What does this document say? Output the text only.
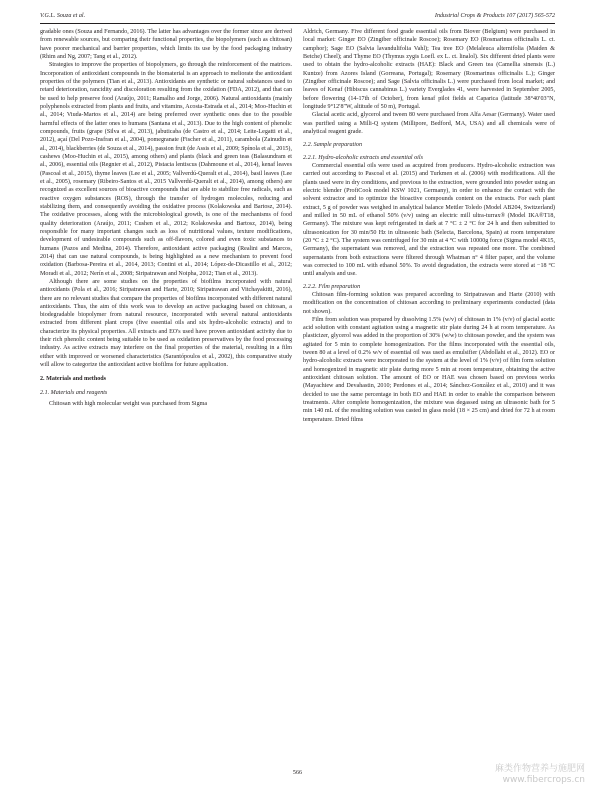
V.G.L. Souza et al.	Industrial Crops & Products 107 (2017) 565-572

gradable ones (Souza and Fernando, 2016). The latter has advantages over the former since are derived from renewable sources, but comparing their functional properties, the biopolymers (such as chitosan) have poorer mechanical and barrier properties, which limits its use by the food packaging industry (Rhim and Ng, 2007; Tang et al., 2012).

Strategies to improve the properties of biopolymers, go through the reinforcement of the matrices. Incorporation of antioxidant compounds in the biomaterial is an approach to meliorate the antioxidant properties of the polymers (Tian et al., 2013). Antioxidants are synthetic or natural substances used to retard deterioration, rancidity and discoloration resulting from the oxidation (FDA, 2012), and that can be used to help preserve food (Araújo, 2011; Ramalho and Jorge, 2006). Natural antioxidants (mainly polyphenols extracted from plants and fruits, and vitamins, Acosta-Estrada et al., 2014; Moo-Huchin et al., 2014; Viuda-Martos et al., 2014) are being preferred over synthetic ones due to the possible harmful effects of the latter ones to humans (Santana et al., 2013). Due to the high content of phenolic compounds, fruits (grape (Silva et al., 2013), jabuticaba (de Castro et al., 2014; Leite-Legatti et al., 2012), açaí (Del Pozo-Insfran et al., 2004), pomegranate (Fischer et al., 2011), carambola (Zainudin et al., 2014), blackberries (de Souza et al., 2014), passion fruit (de Assis et al., 2009; Spínola et al., 2015), cashews (Moo-Huchin et al., 2015), among others) and plants (black and green teas (Balasundram et al., 2006), essential oils (Regnier et al., 2012), Pistacia lentiscus (Dahmoune et al., 2014), kenaf leaves (Pascoal et al., 2015), thyme leaves (Lee et al., 2005; Vallverdú-Queralt et al., 2014), basil leaves (Lee et al., 2005), rosemary (Ribeiro-Santos et al., 2015 Vallverdú-Queralt et al., 2014), among others) are recognized as excellent sources of bioactive compounds that are able to stabilize free radicals, such as reactive oxygen substances (ROS), through the transfer of hydrogen molecules, reducing and stabilizing them, and consequently avoiding the oxidative process (Kolakowska and Bartosz, 2014). The oxidative processes, along with the microbiological growth, is one of the mechanisms of food quality deterioration (Araújo, 2011; Cushen et al., 2012; Kolakowska and Bartosz, 2014), being responsible for many important changes such as loss of nutritional values, texture modifications, development of undesirable compounds such as off-flavors, colored and even toxic substances to humans (Pazos and Medina, 2014). Therefore, antioxidant active packaging (Realini and Marcos, 2014) that can use natural compounds, is being highlighted as a new mechanism to prevent food oxidation (Barbosa-Pereira et al., 2014, 2013; Contini et al., 2014; López-de-Dicastillo et al., 2012; Moradi et al., 2012; Nerín et al., 2008; Siripatrawan and Noipha, 2012; Tian et al., 2013).

Although there are some studies on the properties of biofilms incorporated with natural antioxidants (Pola et al., 2016; Siripatrawan and Harte, 2010; Siripatrawan and Vitchayakitti, 2016), there are no relevant studies that compare the properties of biofilms incorporated with different natural antioxidants. Thus, the aim of this work was to develop an active packaging based on chitosan, a biodegradable biopolymer from natural resource, incorporated with several natural antioxidants extracted from different plant crops (five essential oils and six hydro-alcoholic extracts) and to characterize its physical properties. All extracts and EO's used have proven antioxidant activity due to their rich phenolic content being suitable to be used as oxidation preservatives by the food processing industry. As active extracts may interfere on the final properties of the material, resulting in a film either with improved or worsened characteristics (Sarantópoulos et al., 2002), this comparative study will allow to categorize the antioxidant active biofilms for future application.

2. Materials and methods
2.1. Materials and reagents

Chitosan with high molecular weight was purchased from Sigma

Aldrich, Germany. Five different food grade essential oils from Biover (Belgium) were purchased in local market: Ginger EO (Zingiber officinale Roscoe); Rosemary EO (Rosmarinus officinalis L. ct. camphor); Sage EO (Salvia lavandulifolia Vahl); Tea tree EO (Melaleuca alternifolia (Maiden & Betche) Cheel); and Thyme EO (Thymus zygis Loefl. ex L. ct. linalol). Six different dried plants were used to obtain the hydro-alcoholic extracts (HAE): Black and Green tea (Camellia sinensis (L.) Kuntze) from Azores Island (Gorreana, Portugal); Rosemary (Rosmarinus officinalis L.); Ginger (Zingiber officinale Roscoe); and Sage (Salvia officinalis L.) were purchased from local market; and leaves of Kenaf (Hibiscus cannabinus L.) variety Everglades 41, were harvested in September 2005, before flowering (14-17th of October), from kenaf pilot fields at Caparica (latitude 38°40′03″N, longitude 9°12′8″W, altitude of 50 m), Portugal.

Glacial acetic acid, glycerol and tween 80 were purchased from Alfa Aesar (Germany). Water used was purified using a Milli-Q system (Millipore, Bedford, MA, USA) and all chemicals were of analytical reagent grade.

2.2. Sample preparation
2.2.1. Hydro-alcoholic extracts and essential oils

Commercial essential oils were used as acquired from producers. Hydro-alcoholic extraction was carried out according to Pascoal et al. (2015) and Turkmen et al. (2006) with modifications. All the plants used were in dry conditions, and previous to the extraction, were grounded into powder using an electric blender (ProfiCook model KSW 1021, Germany), in order to enhance the contact with the solvent extractor and to optimize the bioactive compounds content on the extracts. For each plant extract, 5 g of powder was weighed in analytical balance Mettler Toledo (Model AB204, Switzerland) and milled in 50 mL of ethanol 50% (v/v) using an electric mill ultra-turrax® (Model IKA®T18, Germany). The mixture was kept refrigerated in dark at 7 °C ± 2 °C for 24 h and then submitted to ultrasonication for 30 min/50 Hz in ultrasonic bath (Selecta, Barcelona, Spain) at room temperature (20 °C ± 2 °C). The system was centrifuged for 30 min at 4 °C with 10000g force (Sigma model 4K15, Germany), the supernatant was removed, and the extraction was repeated one more. The combined supernatants from both extractions were filtered through Whatman n° 4 filter paper, and the volume was corrected to 100 mL with ethanol 50%. To avoid degradation, the extracts were stored at −18 °C until analysis and use.

2.2.2. Film preparation

Chitosan film-forming solution was prepared according to Siripatrawan and Harte (2010) with modification on the concentration of chitosan according to preliminary experiments conducted (data not shown).

Film from solution was prepared by dissolving 1.5% (w/v) of chitosan in 1% (v/v) of glacial acetic acid solution with constant agitation using a magnetic stir plate during 24 h at room temperature. As plasticizer, glycerol was added in the proportion of 30% (w/w) to chitosan powder, and the system was agitated for 5 min to complete homogenization. For the films incorporated with the essential oils, tween 80 at a level of 0.2% w/v of essential oil was used as emulsifier (Abdollahi et al., 2012). EO or hydro-alcoholic extracts were incorporated to the system at the level of 1% (v/v) of film form solution and homogenized in magnetic stir plate during more 5 min at room temperature, obtaining the active antioxidant chitosan solution. The amount of EO or HAE was chosen based on previous works (Mayachiew and Devahastin, 2010; Perdones et al., 2014; Sánchez-González et al., 2010) and it was decided to use the same percentage in both EO and HAE in order to enable the comparison between treatments. After complete homogenization, the mixture was degassed using an ultrasonic bath for 5 min 140 mL of the resulting solution was casted in glass mold (18 × 25 cm) and dried for 72 h at room temperature. Dried films

566	麻类作物营养与施肥网
www.fibercrops.cn
